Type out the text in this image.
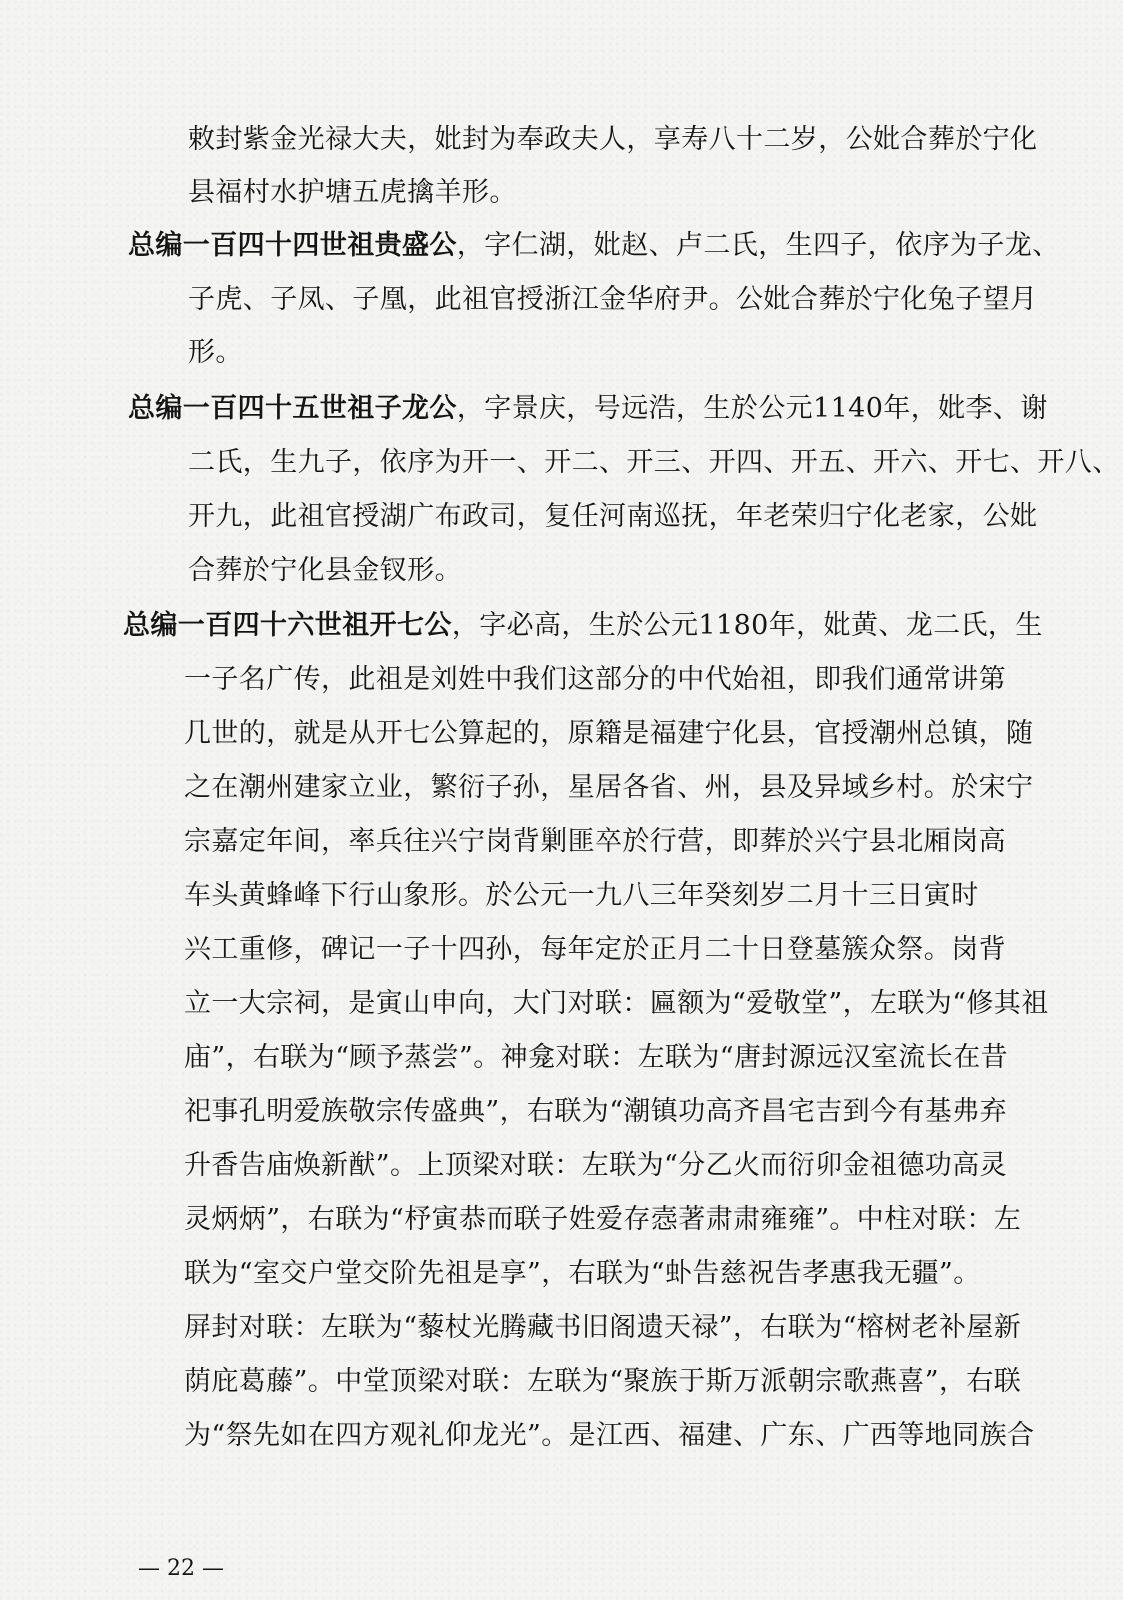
敕封紫金光禄大夫，妣封为奉政夫人，享寿八十二岁，公妣合葬於宁化
县福村水护塘五虎擒羊形。
总编一百四十四世祖贵盛公，字仁湖，妣赵、卢二氏，生四子，依序为子龙、
子虎、子凤、子凰，此祖官授浙江金华府尹。公妣合葬於宁化兔子望月
形。
总编一百四十五世祖子龙公，字景庆，号远浩，生於公元1140年，妣李、谢
二氏，生九子，依序为开一、开二、开三、开四、开五、开六、开七、开八、
开九，此祖官授湖广布政司，复任河南巡抚，年老荣归宁化老家，公妣
合葬於宁化县金钗形。
总编一百四十六世祖开七公，字必高，生於公元1180年，妣黄、龙二氏，生
一子名广传，此祖是刘姓中我们这部分的中代始祖，即我们通常讲第
几世的，就是从开七公算起的，原籍是福建宁化县，官授潮州总镇，随
之在潮州建家立业，繁衍子孙，星居各省、州，县及异域乡村。於宋宁
宗嘉定年间，率兵往兴宁岗背剿匪卒於行营，即葬於兴宁县北厢岗高
车头黄蜂峰下行山象形。於公元一九八三年癸刻岁二月十三日寅时
兴工重修，碑记一子十四孙，每年定於正月二十日登墓簇众祭。岗背
立一大宗祠，是寅山申向，大门对联：匾额为“爱敬堂”，左联为“修其祖
庙”，右联为“顾予蒸尝”。神龛对联：左联为“唐封源远汉室流长在昔
祀事孔明爱族敬宗传盛典”，右联为“潮镇功高齐昌宅吉到今有基弗弃
升香告庙焕新猷”。上顶梁对联：左联为“分乙火而衍卯金祖德功高灵
灵炳炳”，右联为“杼寅恭而联子姓爱存悫著肃肃雍雍”。中柱对联：左
联为“室交户堂交阶先祖是享”，右联为“虲告慈祝告孝惠我无疆”。
屏封对联：左联为“藜杖光腾藏书旧阁遗天禄”，右联为“榕树老补屋新
荫庇葛藤”。中堂顶梁对联：左联为“聚族于斯万派朝宗歌燕喜”，右联
为“祭先如在四方观礼仰龙光”。是江西、福建、广东、广西等地同族合
— 22 —
